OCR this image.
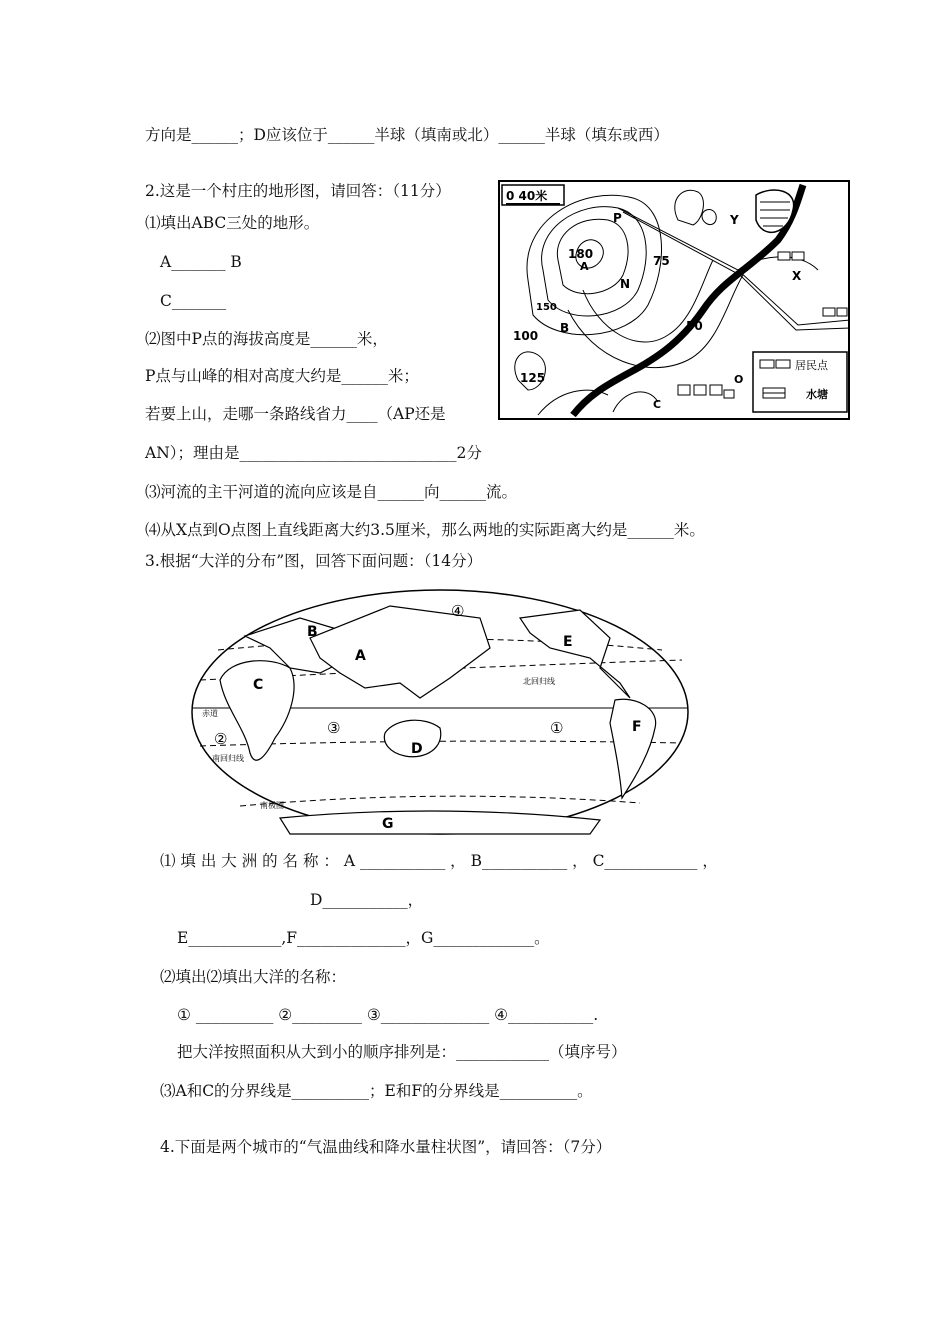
方向是______；D应该位于______半球（填南或北）______半球（填东或西）
2.这是一个村庄的地形图，请回答：（11分）
⑴填出ABC三处的地形。
A_______ B
C_______
⑵图中P点的海拔高度是______米，
P点与山峰的相对高度大约是______米；
若要上山，走哪一条路线省力____（AP还是
AN）；理由是____________________________2分
⑶河流的主干河道的流向应该是自______向______流。
⑷从X点到O点图上直线距离大约3.5厘米，那么两地的实际距离大约是______米。
3.根据“大洋的分布”图，回答下面问题：（14分）
0 40米
居民点
水塘
180
150
100
125
75
50
A
B
C
N
P
X
Y
O
A
B
C
D
E
F
G
①
②
③
④
北回归线
赤道
南回归线
南极圈
⑴ 填 出 大 洲 的 名 称 ： A ___________ ， B___________ ， C____________ ，
D___________，
E____________,F______________，G_____________。
⑵填出⑵填出大洋的名称：
① __________ ②_________ ③______________ ④___________.
把大洋按照面积从大到小的顺序排列是：____________（填序号）
⑶A和C的分界线是__________；E和F的分界线是__________。
4.下面是两个城市的“气温曲线和降水量柱状图”，请回答：（7分）
